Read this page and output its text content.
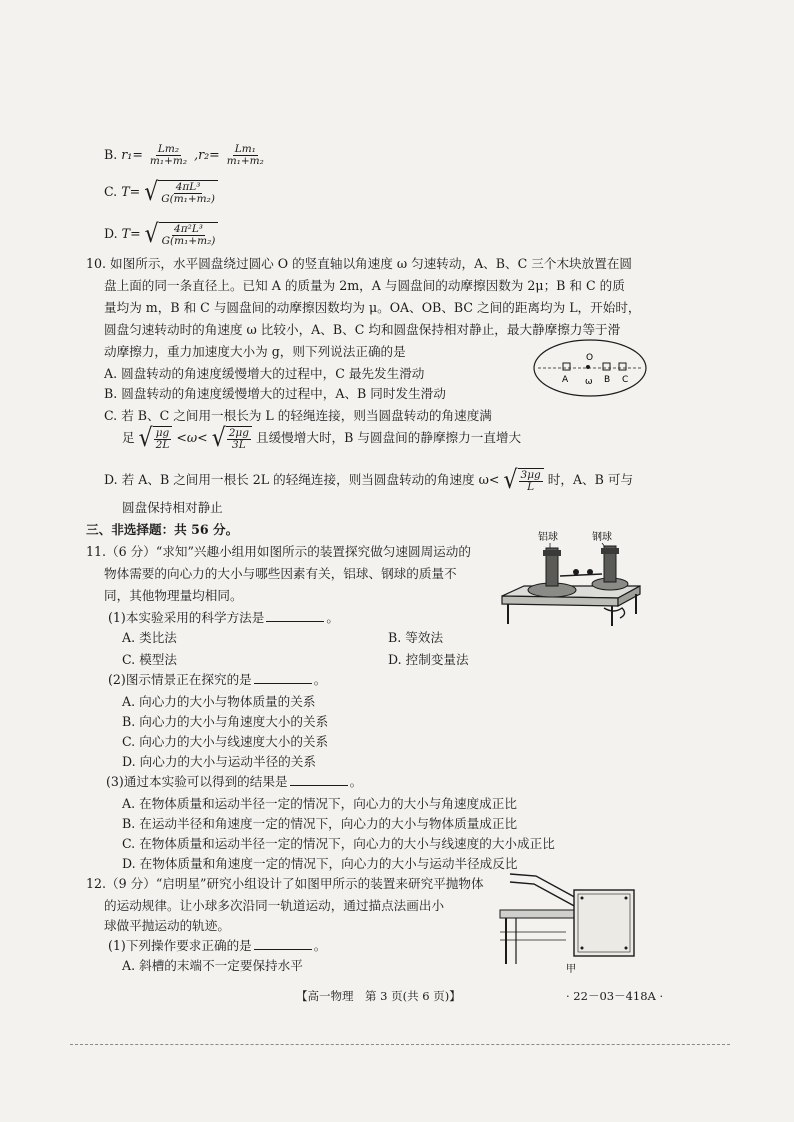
B. $r_1= \frac{\text{Lm₂}}{\text{m₁+m₂}} ,r_2= \frac{\text{Lm₁}}{\text{m₁+m₂}}$
C. T= √ $\frac{\text{4πL³}}{\text{G(m₁+m₂)}}$
D. T= √ $\frac{\text{4π²L³}}{\text{G(m₁+m₂)}}$
10. 如图所示，水平圆盘绕过圆心 O 的竖直轴以角速度 ω 匀速转动，A、B、C 三个木块放置在圆
盘上面的同一条直径上。已知 A 的质量为 2m，A 与圆盘间的动摩擦因数为 2μ；B 和 C 的质
量均为 m，B 和 C 与圆盘间的动摩擦因数均为 μ。OA、OB、BC 之间的距离均为 L，开始时，
圆盘匀速转动时的角速度 ω 比较小，A、B、C 均和圆盘保持相对静止，最大静摩擦力等于滑
动摩擦力，重力加速度大小为 g，则下列说法正确的是
A. 圆盘转动的角速度缓慢增大的过程中，C 最先发生滑动
B. 圆盘转动的角速度缓慢增大的过程中，A、B 同时发生滑动
C. 若 B、C 之间用一根长为 L 的轻绳连接，则当圆盘转动的角速度满
足 √ $\frac{\mu g}{2L} <\omega<$ √ $\frac{2\mu g}{3L}$ 且缓慢增大时，B 与圆盘间的静摩擦力一直增大
D. 若 A、B 之间用一根长 2L 的轻绳连接，则当圆盘转动的角速度 ω< √ $\frac{3\mu g}{L}$ 时，A、B 可与
圆盘保持相对静止
O
A ω B C
三、非选择题：共 56 分。
11.（6 分）“求知”兴趣小组用如图所示的装置探究做匀速圆周运动的
物体需要的向心力的大小与哪些因素有关，铝球、钢球的质量不
同，其他物理量均相同。
(1)本实验采用的科学方法是	。
A. 类比法	B. 等效法
C. 模型法	D. 控制变量法
(2)图示情景正在探究的是	。
A. 向心力的大小与物体质量的关系
B. 向心力的大小与角速度大小的关系
C. 向心力的大小与线速度大小的关系
D. 向心力的大小与运动半径的关系
(3)通过本实验可以得到的结果是	。
A. 在物体质量和运动半径一定的情况下，向心力的大小与角速度成正比
B. 在运动半径和角速度一定的情况下，向心力的大小与物体质量成正比
C. 在物体质量和运动半径一定的情况下，向心力的大小与线速度的大小成正比
D. 在物体质量和角速度一定的情况下，向心力的大小与运动半径成反比
铝球	钢球
12.（9 分）“启明星”研究小组设计了如图甲所示的装置来研究平抛物体
的运动规律。让小球多次沿同一轨道运动，通过描点法画出小
球做平抛运动的轨迹。
(1)下列操作要求正确的是	。
A. 斜槽的末端不一定要保持水平	甲
【高一物理　第 3 页(共 6 页)】	· 22－03－418A ·
